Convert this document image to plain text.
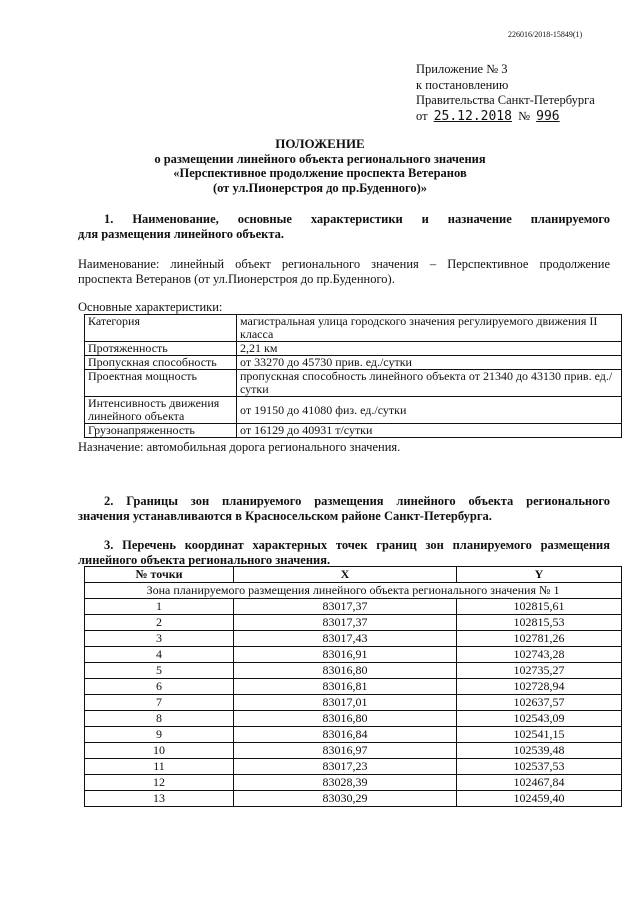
226016/2018-15849(1)
Приложение № 3
к постановлению
Правительства Санкт-Петербурга
от 25.12.2018 № 996
ПОЛОЖЕНИЕ
о размещении линейного объекта регионального значения
«Перспективное продолжение проспекта Ветеранов
(от ул.Пионерстроя до пр.Буденного)»
1. Наименование, основные характеристики и назначение планируемого
для размещения линейного объекта.
Наименование: линейный объект регионального значения – Перспективное продолжение
проспекта Ветеранов (от ул.Пионерстроя до пр.Буденного).
Основные характеристики:
Категория	магистральная улица городского значения регулируемого движения II класса
Протяженность	2,21 км
Пропускная способность	от 33270 до 45730 прив. ед./сутки
Проектная мощность	пропускная способность линейного объекта от 21340 до 43130 прив. ед./сутки
Интенсивность движения линейного объекта	от 19150 до 41080 физ. ед./сутки
Грузонапряженность	от 16129 до 40931 т/сутки
Назначение: автомобильная дорога регионального значения.
2. Границы зон планируемого размещения линейного объекта регионального
значения устанавливаются в Красносельском районе Санкт-Петербурга.
3. Перечень координат характерных точек границ зон планируемого размещения
линейного объекта регионального значения.
№ точки	X	Y
Зона планируемого размещения линейного объекта регионального значения № 1		
1	83017,37	102815,61
2	83017,37	102815,53
3	83017,43	102781,26
4	83016,91	102743,28
5	83016,80	102735,27
6	83016,81	102728,94
7	83017,01	102637,57
8	83016,80	102543,09
9	83016,84	102541,15
10	83016,97	102539,48
11	83017,23	102537,53
12	83028,39	102467,84
13	83030,29	102459,40
